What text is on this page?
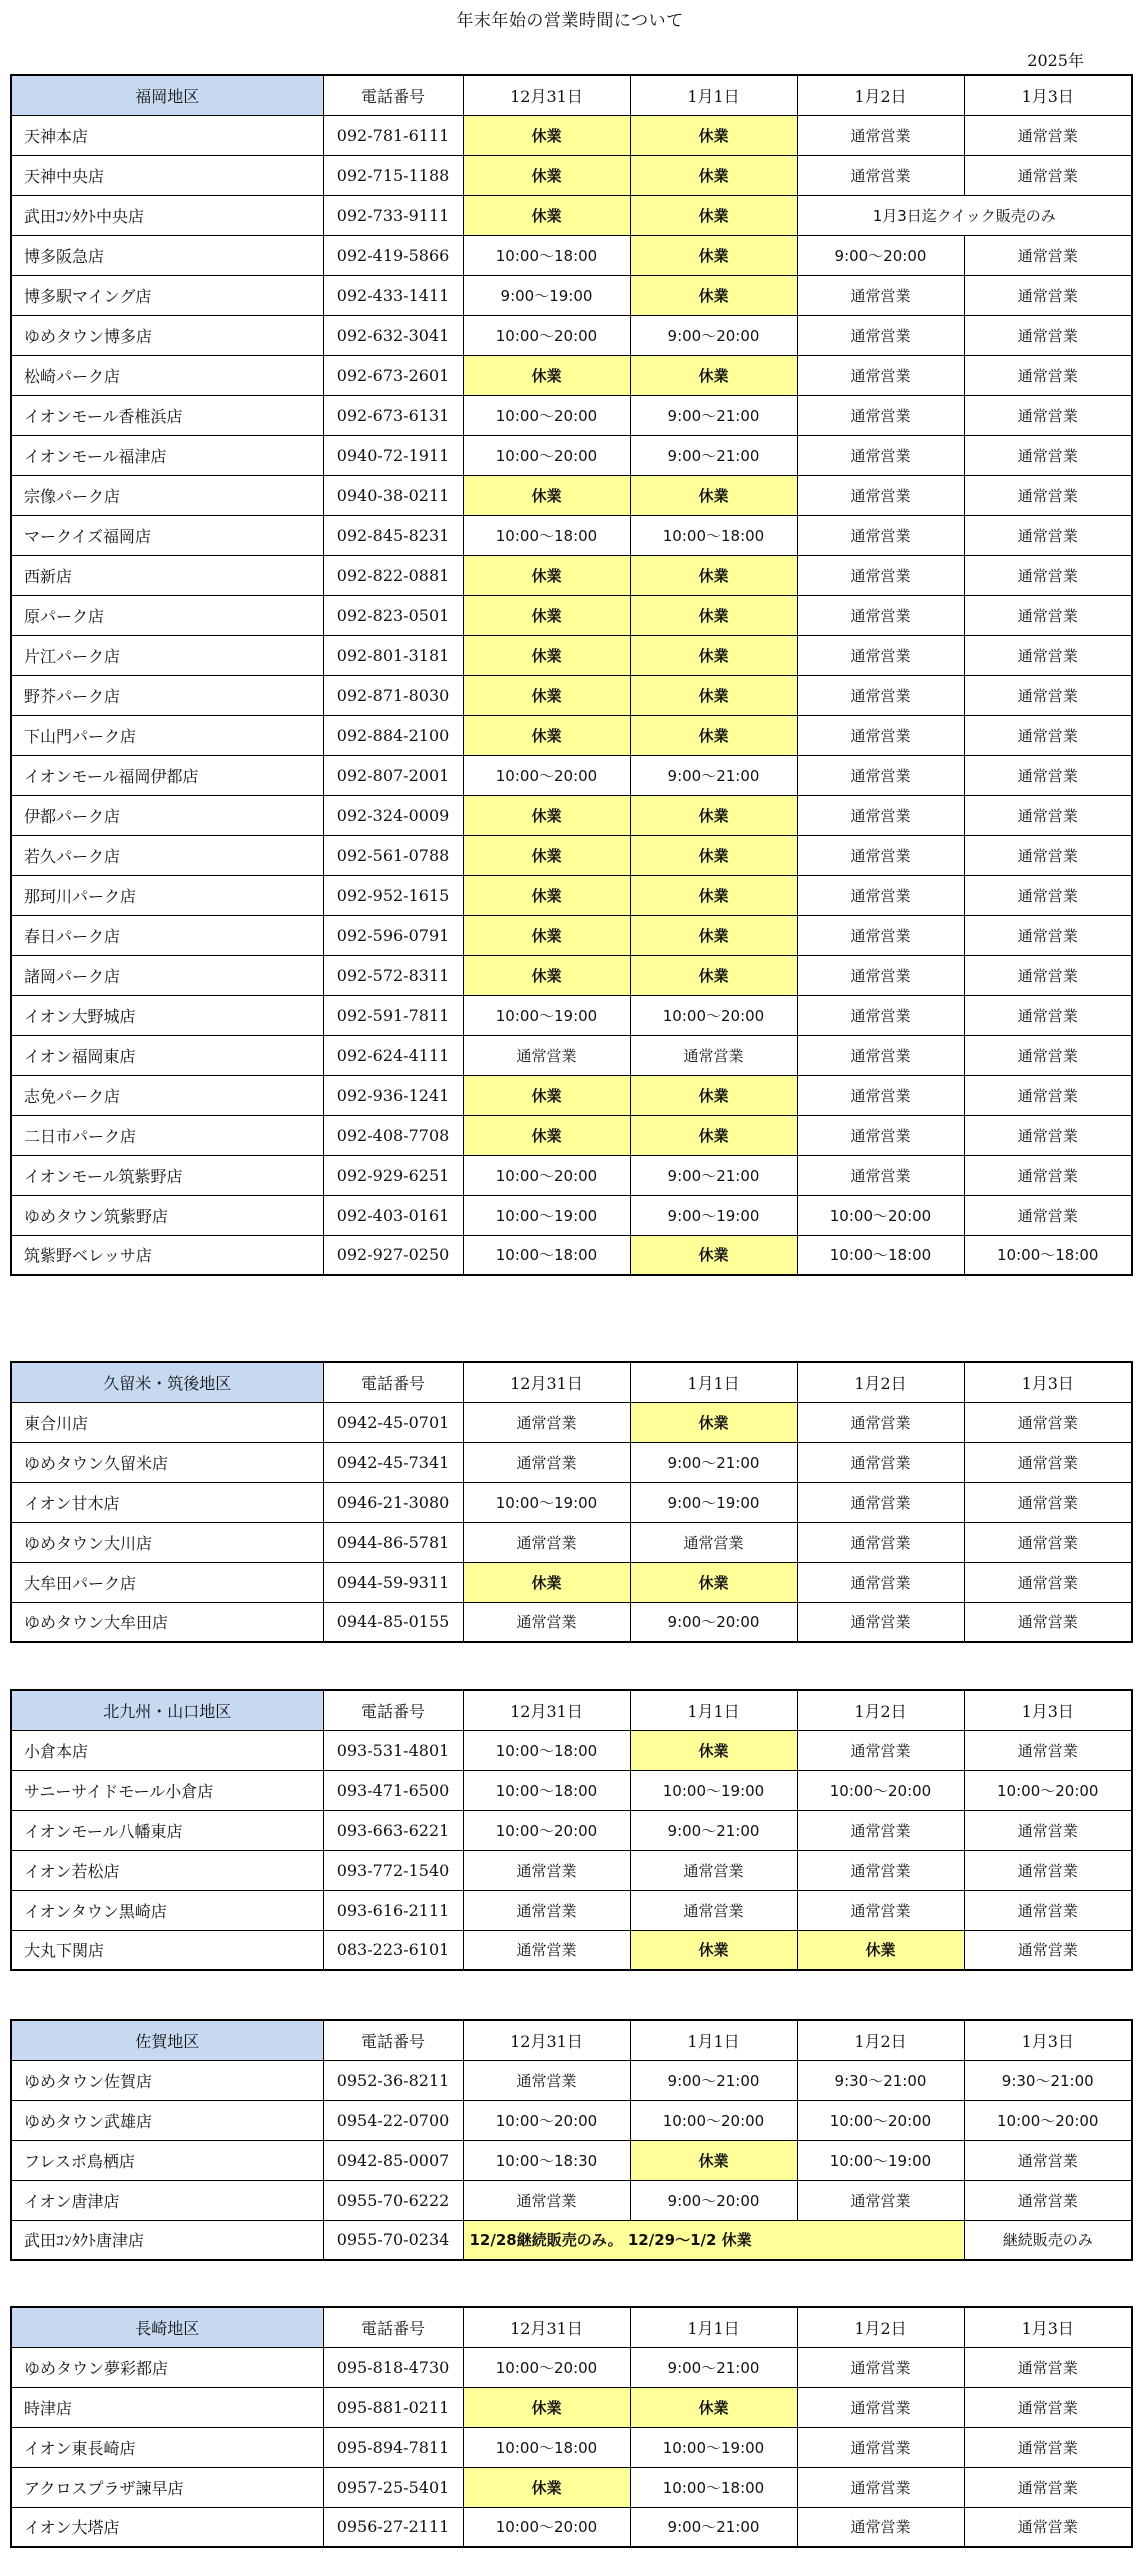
年末年始の営業時間について
2025年
福岡地区	電話番号	12月31日	1月1日	1月2日	1月3日
天神本店	092-781-6111	休業	休業	通常営業	通常営業
天神中央店	092-715-1188	休業	休業	通常営業	通常営業
武田ｺﾝﾀｸﾄ中央店	092-733-9111	休業	休業	1月3日迄クイック販売のみ	
博多阪急店	092-419-5866	10:00～18:00	休業	9:00～20:00	通常営業
博多駅マイング店	092-433-1411	9:00～19:00	休業	通常営業	通常営業
ゆめタウン博多店	092-632-3041	10:00～20:00	9:00～20:00	通常営業	通常営業
松崎パーク店	092-673-2601	休業	休業	通常営業	通常営業
イオンモール香椎浜店	092-673-6131	10:00～20:00	9:00～21:00	通常営業	通常営業
イオンモール福津店	0940-72-1911	10:00～20:00	9:00～21:00	通常営業	通常営業
宗像パーク店	0940-38-0211	休業	休業	通常営業	通常営業
マークイズ福岡店	092-845-8231	10:00～18:00	10:00～18:00	通常営業	通常営業
西新店	092-822-0881	休業	休業	通常営業	通常営業
原パーク店	092-823-0501	休業	休業	通常営業	通常営業
片江パーク店	092-801-3181	休業	休業	通常営業	通常営業
野芥パーク店	092-871-8030	休業	休業	通常営業	通常営業
下山門パーク店	092-884-2100	休業	休業	通常営業	通常営業
イオンモール福岡伊都店	092-807-2001	10:00～20:00	9:00～21:00	通常営業	通常営業
伊都パーク店	092-324-0009	休業	休業	通常営業	通常営業
若久パーク店	092-561-0788	休業	休業	通常営業	通常営業
那珂川パーク店	092-952-1615	休業	休業	通常営業	通常営業
春日パーク店	092-596-0791	休業	休業	通常営業	通常営業
諸岡パーク店	092-572-8311	休業	休業	通常営業	通常営業
イオン大野城店	092-591-7811	10:00～19:00	10:00～20:00	通常営業	通常営業
イオン福岡東店	092-624-4111	通常営業	通常営業	通常営業	通常営業
志免パーク店	092-936-1241	休業	休業	通常営業	通常営業
二日市パーク店	092-408-7708	休業	休業	通常営業	通常営業
イオンモール筑紫野店	092-929-6251	10:00～20:00	9:00～21:00	通常営業	通常営業
ゆめタウン筑紫野店	092-403-0161	10:00～19:00	9:00～19:00	10:00～20:00	通常営業
筑紫野ベレッサ店	092-927-0250	10:00～18:00	休業	10:00～18:00	10:00～18:00
久留米・筑後地区	電話番号	12月31日	1月1日	1月2日	1月3日
東合川店	0942-45-0701	通常営業	休業	通常営業	通常営業
ゆめタウン久留米店	0942-45-7341	通常営業	9:00～21:00	通常営業	通常営業
イオン甘木店	0946-21-3080	10:00～19:00	9:00～19:00	通常営業	通常営業
ゆめタウン大川店	0944-86-5781	通常営業	通常営業	通常営業	通常営業
大牟田パーク店	0944-59-9311	休業	休業	通常営業	通常営業
ゆめタウン大牟田店	0944-85-0155	通常営業	9:00～20:00	通常営業	通常営業
北九州・山口地区	電話番号	12月31日	1月1日	1月2日	1月3日
小倉本店	093-531-4801	10:00～18:00	休業	通常営業	通常営業
サニーサイドモール小倉店	093-471-6500	10:00～18:00	10:00～19:00	10:00～20:00	10:00～20:00
イオンモール八幡東店	093-663-6221	10:00～20:00	9:00～21:00	通常営業	通常営業
イオン若松店	093-772-1540	通常営業	通常営業	通常営業	通常営業
イオンタウン黒崎店	093-616-2111	通常営業	通常営業	通常営業	通常営業
大丸下関店	083-223-6101	通常営業	休業	休業	通常営業
佐賀地区	電話番号	12月31日	1月1日	1月2日	1月3日
ゆめタウン佐賀店	0952-36-8211	通常営業	9:00～21:00	9:30～21:00	9:30～21:00
ゆめタウン武雄店	0954-22-0700	10:00～20:00	10:00～20:00	10:00～20:00	10:00～20:00
フレスポ鳥栖店	0942-85-0007	10:00～18:30	休業	10:00～19:00	通常営業
イオン唐津店	0955-70-6222	通常営業	9:00～20:00	通常営業	通常営業
武田ｺﾝﾀｸﾄ唐津店	0955-70-0234	12/28継続販売のみ。 12/29～1/2 休業			継続販売のみ
長崎地区	電話番号	12月31日	1月1日	1月2日	1月3日
ゆめタウン夢彩都店	095-818-4730	10:00～20:00	9:00～21:00	通常営業	通常営業
時津店	095-881-0211	休業	休業	通常営業	通常営業
イオン東長崎店	095-894-7811	10:00～18:00	10:00～19:00	通常営業	通常営業
アクロスプラザ諫早店	0957-25-5401	休業	10:00～18:00	通常営業	通常営業
イオン大塔店	0956-27-2111	10:00～20:00	9:00～21:00	通常営業	通常営業
